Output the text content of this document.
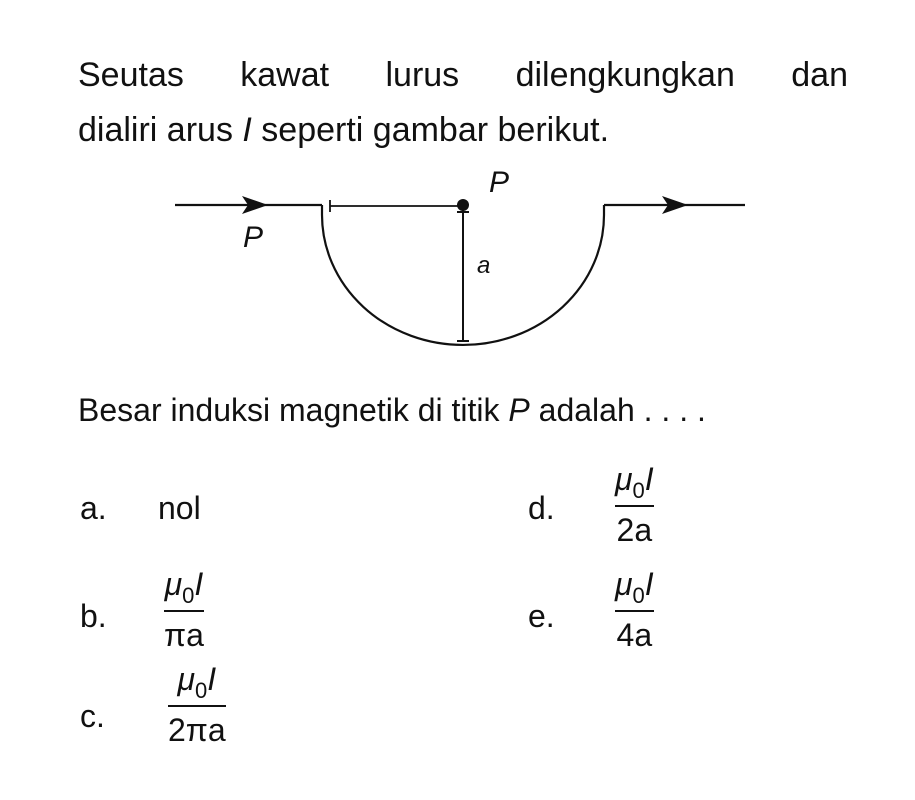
Seutas kawat lurus dilengkungkan dan
dialiri arus I seperti gambar berikut.
P
P
a
Besar induksi magnetik di titik P adalah . . . .
a. nol	d.
$\mu_0I$
2a
b.
$\mu_0I$
πa
e.
$\mu_0I$
4a
c.
$\mu_0I$
2πa
